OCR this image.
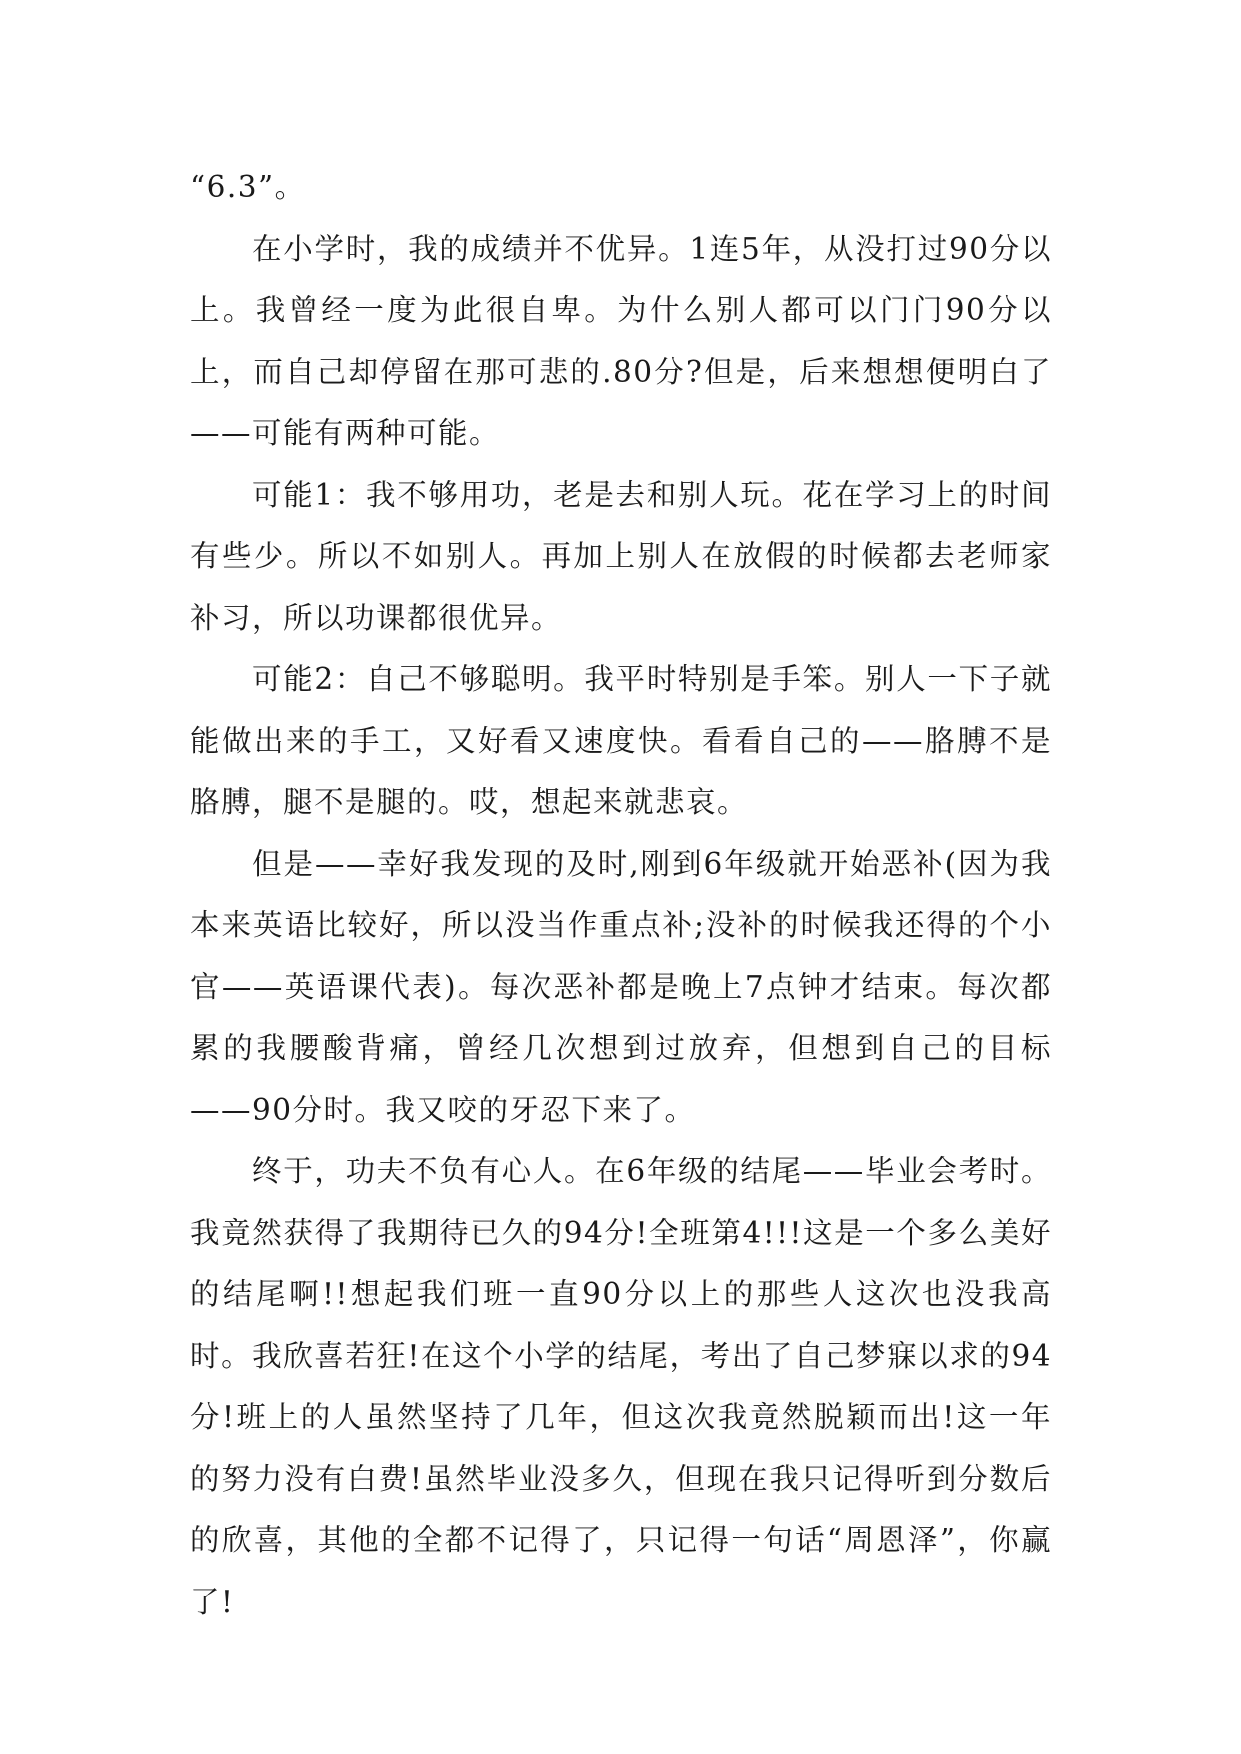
“6.3”。

在小学时，我的成绩并不优异。1连5年，从没打过90分以上。我曾经一度为此很自卑。为什么别人都可以门门90分以上，而自己却停留在那可悲的.80分?但是，后来想想便明白了——可能有两种可能。

可能1：我不够用功，老是去和别人玩。花在学习上的时间有些少。所以不如别人。再加上别人在放假的时候都去老师家补习，所以功课都很优异。

可能2：自己不够聪明。我平时特别是手笨。别人一下子就能做出来的手工，又好看又速度快。看看自己的——胳膊不是胳膊，腿不是腿的。哎，想起来就悲哀。

但是——幸好我发现的及时,刚到6年级就开始恶补(因为我本来英语比较好，所以没当作重点补;没补的时候我还得的个小官——英语课代表)。每次恶补都是晚上7点钟才结束。每次都累的我腰酸背痛，曾经几次想到过放弃，但想到自己的目标——90分时。我又咬的牙忍下来了。

终于，功夫不负有心人。在6年级的结尾——毕业会考时。我竟然获得了我期待已久的94分!全班第4!!!这是一个多么美好的结尾啊!!想起我们班一直90分以上的那些人这次也没我高时。我欣喜若狂!在这个小学的结尾，考出了自己梦寐以求的94分!班上的人虽然坚持了几年，但这次我竟然脱颖而出!这一年的努力没有白费!虽然毕业没多久，但现在我只记得听到分数后的欣喜，其他的全都不记得了，只记得一句话“周恩泽”，你赢了!
